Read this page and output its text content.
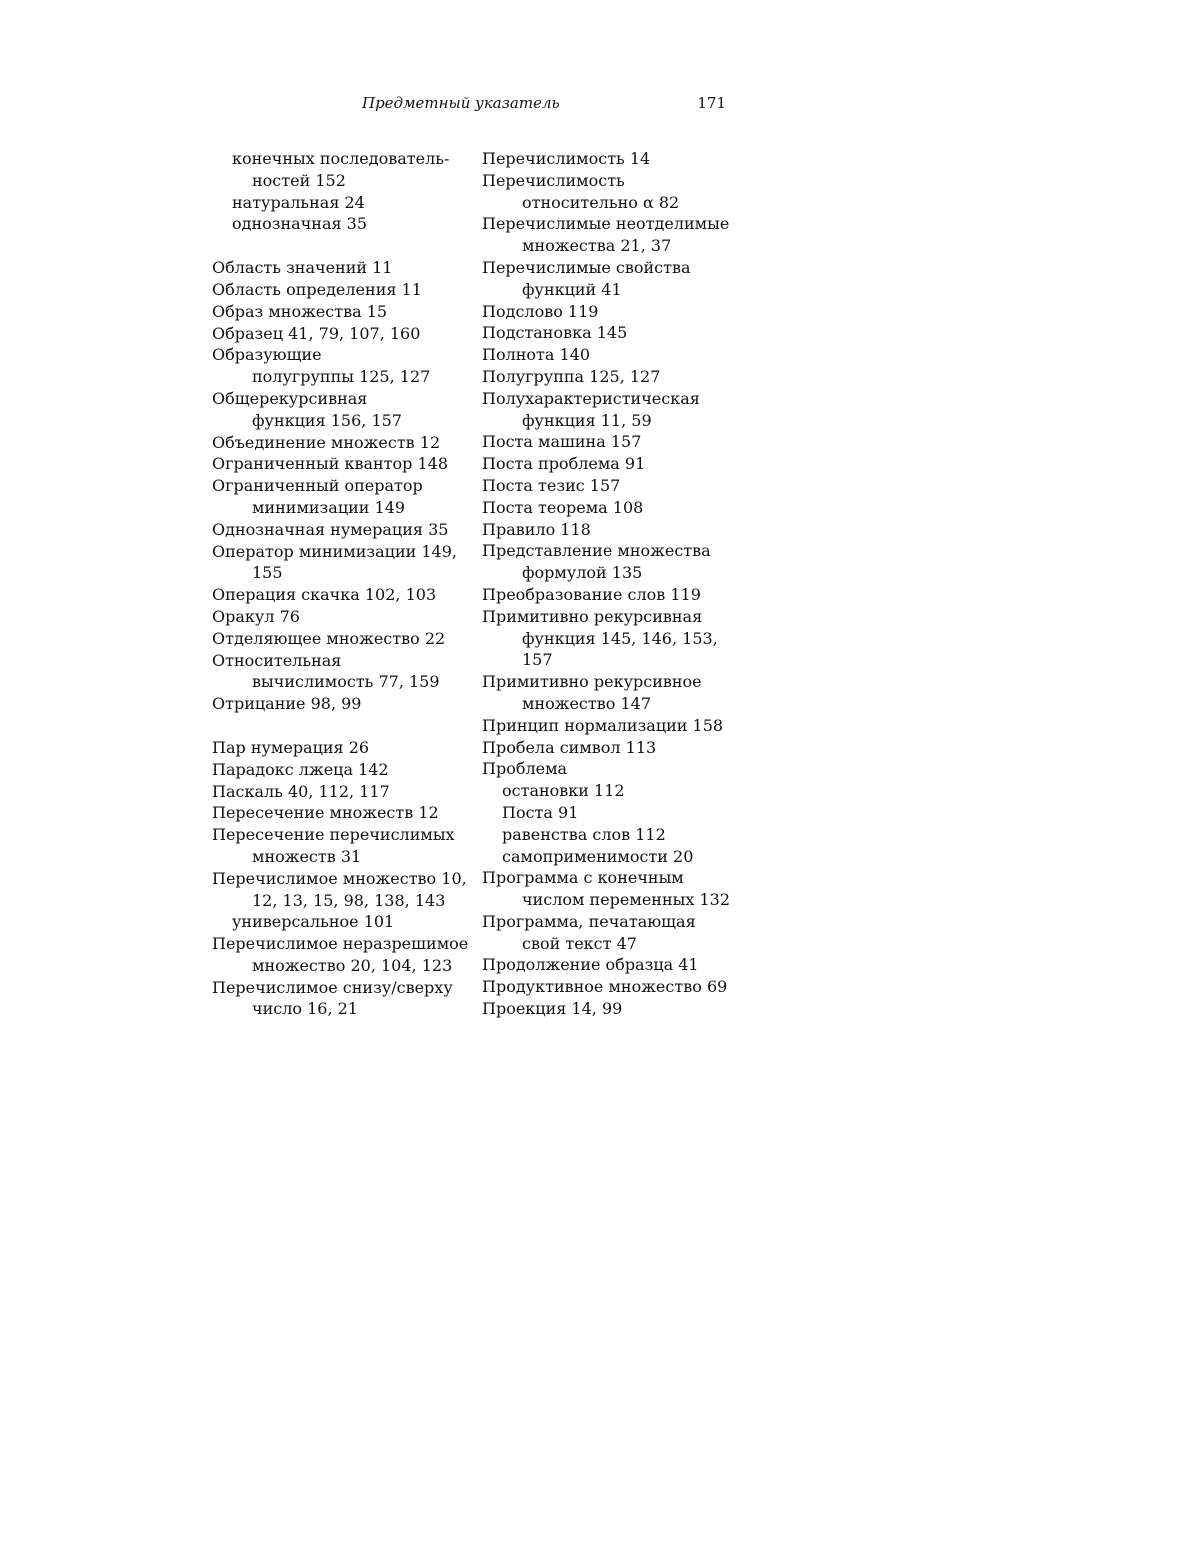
Предметный указатель	171
конечных последователь-
ностей 152
натуральная 24
однозначная 35
Область значений 11
Область определения 11
Образ множества 15
Образец 41, 79, 107, 160
Образующие
полугруппы 125, 127
Общерекурсивная
функция 156, 157
Объединение множеств 12
Ограниченный квантор 148
Ограниченный оператор
минимизации 149
Однозначная нумерация 35
Оператор минимизации 149,
155
Операция скачка 102, 103
Оракул 76
Отделяющее множество 22
Относительная
вычислимость 77, 159
Отрицание 98, 99
Пар нумерация 26
Парадокс лжеца 142
Паскаль 40, 112, 117
Пересечение множеств 12
Пересечение перечислимых
множеств 31
Перечислимое множество 10,
12, 13, 15, 98, 138, 143
универсальное 101
Перечислимое неразрешимое
множество 20, 104, 123
Перечислимое снизу/сверху
число 16, 21
Перечислимость 14
Перечислимость
относительно α 82
Перечислимые неотделимые
множества 21, 37
Перечислимые свойства
функций 41
Подслово 119
Подстановка 145
Полнота 140
Полугруппа 125, 127
Полухарактеристическая
функция 11, 59
Поста машина 157
Поста проблема 91
Поста тезис 157
Поста теорема 108
Правило 118
Представление множества
формулой 135
Преобразование слов 119
Примитивно рекурсивная
функция 145, 146, 153,
157
Примитивно рекурсивное
множество 147
Принцип нормализации 158
Пробела символ 113
Проблема
остановки 112
Поста 91
равенства слов 112
самоприменимости 20
Программа с конечным
числом переменных 132
Программа, печатающая
свой текст 47
Продолжение образца 41
Продуктивное множество 69
Проекция 14, 99
